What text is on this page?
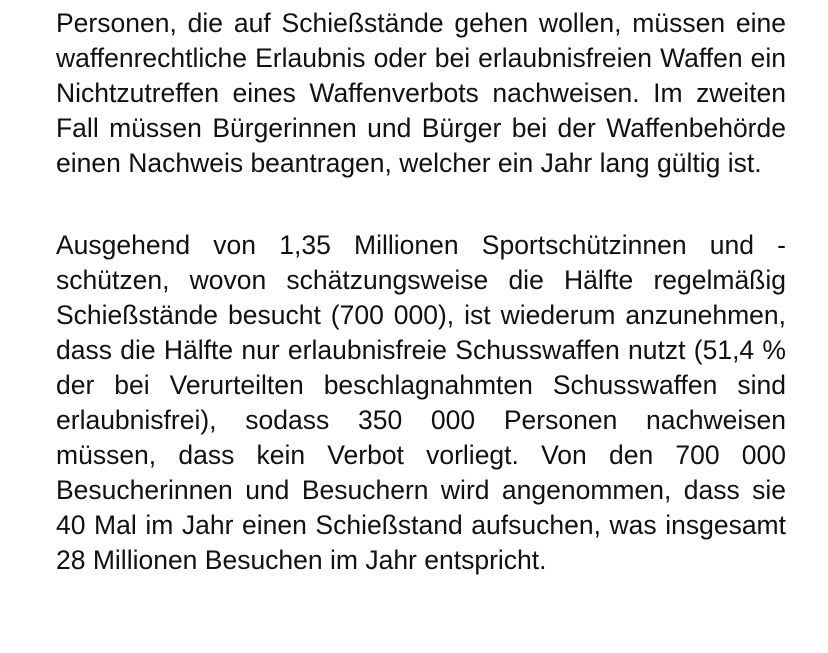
Personen, die auf Schießstände gehen wollen, müssen eine waffenrechtliche Erlaubnis oder bei erlaubnisfreien Waffen ein Nichtzutreffen eines Waffenverbots nachweisen. Im zweiten Fall müssen Bürgerinnen und Bürger bei der Waffenbehörde einen Nachweis beantragen, welcher ein Jahr lang gültig ist.

Ausgehend von 1,35 Millionen Sportschützinnen und -schützen, wovon schätzungsweise die Hälfte regelmäßig Schießstände besucht (700 000), ist wiederum anzunehmen, dass die Hälfte nur erlaubnisfreie Schusswaffen nutzt (51,4 % der bei Verurteilten beschlagnahmten Schusswaffen sind erlaubnisfrei), sodass 350 000 Personen nachweisen müssen, dass kein Verbot vorliegt. Von den 700 000 Besucherinnen und Besuchern wird angenommen, dass sie 40 Mal im Jahr einen Schießstand aufsuchen, was insgesamt 28 Millionen Besuchen im Jahr entspricht.
